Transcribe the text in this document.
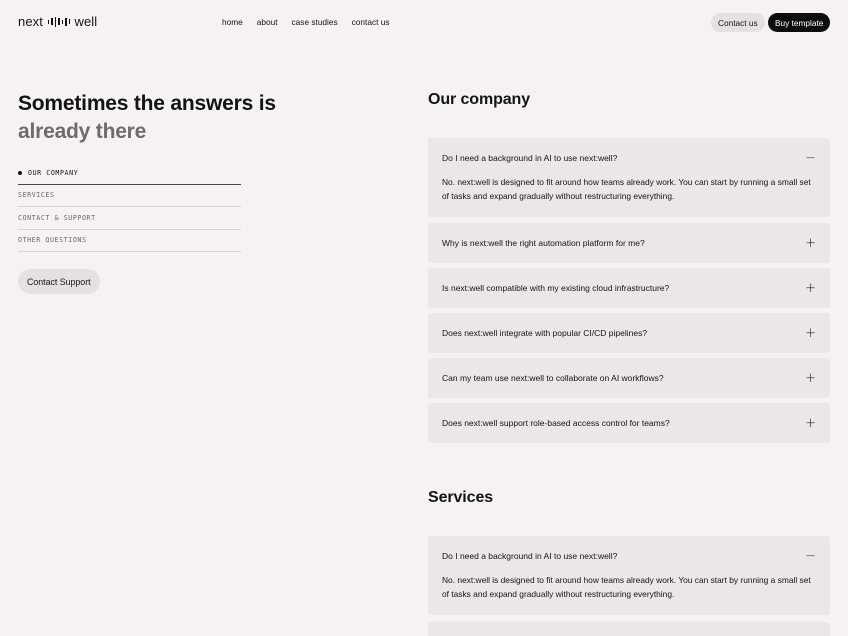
next well	home about case studies contact us	Contact us	Buy template
Sometimes the answers is
already there
OUR COMPANY
SERVICES
CONTACT & SUPPORT
OTHER QUESTIONS
Contact Support
Our company
Do I need a background in AI to use next:well?	−
No. next:well is designed to fit around how teams already work. You can start by running a small set of tasks and expand gradually without restructuring everything.
Why is next:well the right automation platform for me?	+
Is next:well compatible with my existing cloud infrastructure?	+
Does next:well integrate with popular CI/CD pipelines?	+
Can my team use next:well to collaborate on AI workflows?	+
Does next:well support role-based access control for teams?	+
Services
Do I need a background in AI to use next:well?	−
No. next:well is designed to fit around how teams already work. You can start by running a small set of tasks and expand gradually without restructuring everything.
